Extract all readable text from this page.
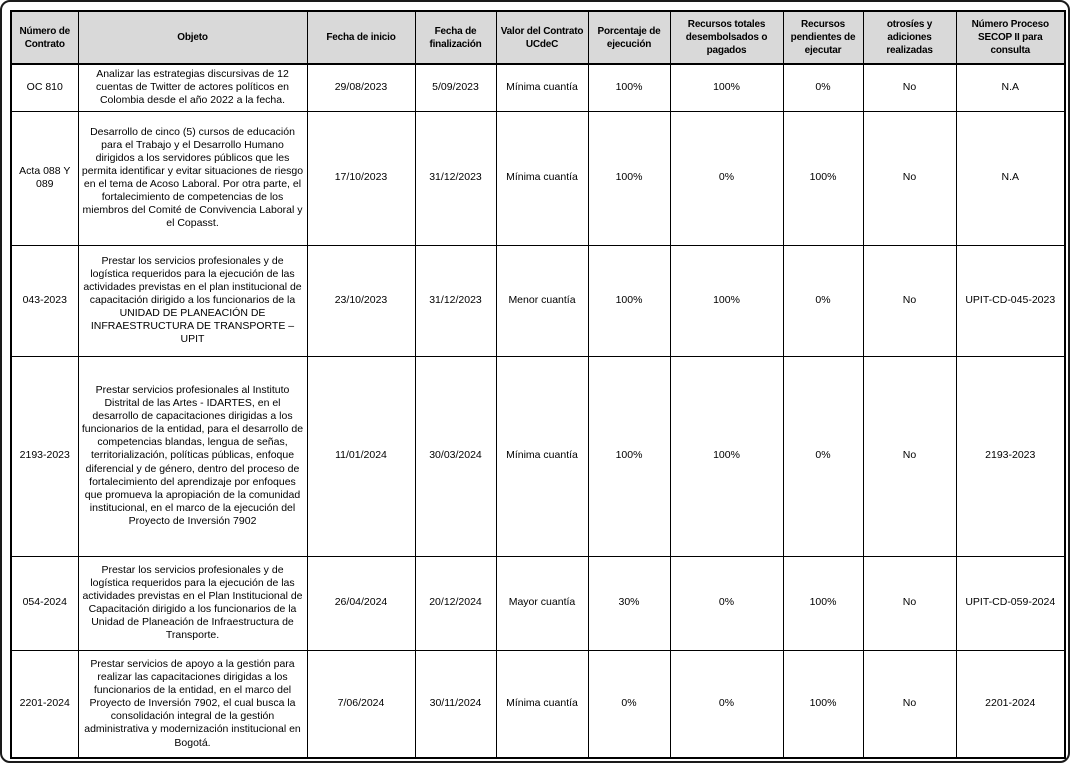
Número de Contrato	Objeto	Fecha de inicio	Fecha de finalización	Valor del Contrato UCdeC	Porcentaje de ejecución	Recursos totales desembolsados o pagados	Recursos pendientes de ejecutar	otrosíes y adiciones realizadas	Número Proceso SECOP II para consulta
OC 810	Analizar las estrategias discursivas de 12 cuentas de Twitter de actores políticos en Colombia desde el año 2022 a la fecha.	29/08/2023	5/09/2023	Mínima cuantía	100%	100%	0%	No	N.A
Acta 088 Y 089	Desarrollo de cinco (5) cursos de educación para el Trabajo y el Desarrollo Humano dirigidos a los servidores públicos que les permita identificar y evitar situaciones de riesgo en el tema de Acoso Laboral. Por otra parte, el fortalecimiento de competencias de los miembros del Comité de Convivencia Laboral y el Copasst.	17/10/2023	31/12/2023	Mínima cuantía	100%	0%	100%	No	N.A
043-2023	Prestar los servicios profesionales y de logística requeridos para la ejecución de las actividades previstas en el plan institucional de capacitación dirigido a los funcionarios de la UNIDAD DE PLANEACIÓN DE INFRAESTRUCTURA DE TRANSPORTE – UPIT	23/10/2023	31/12/2023	Menor cuantía	100%	100%	0%	No	UPIT-CD-045-2023
2193-2023	Prestar servicios profesionales al Instituto Distrital de las Artes - IDARTES, en el desarrollo de capacitaciones dirigidas a los funcionarios de la entidad, para el desarrollo de competencias blandas, lengua de señas, territorialización, políticas públicas, enfoque diferencial y de género, dentro del proceso de fortalecimiento del aprendizaje por enfoques que promueva la apropiación de la comunidad institucional, en el marco de la ejecución del Proyecto de Inversión 7902	11/01/2024	30/03/2024	Mínima cuantía	100%	100%	0%	No	2193-2023
054-2024	Prestar los servicios profesionales y de logística requeridos para la ejecución de las actividades previstas en el Plan Institucional de Capacitación dirigido a los funcionarios de la Unidad de Planeación de Infraestructura de Transporte.	26/04/2024	20/12/2024	Mayor cuantía	30%	0%	100%	No	UPIT-CD-059-2024
2201-2024	Prestar servicios de apoyo a la gestión para realizar las capacitaciones dirigidas a los funcionarios de la entidad, en el marco del Proyecto de Inversión 7902, el cual busca la consolidación integral de la gestión administrativa y modernización institucional en Bogotá.	7/06/2024	30/11/2024	Mínima cuantía	0%	0%	100%	No	2201-2024
